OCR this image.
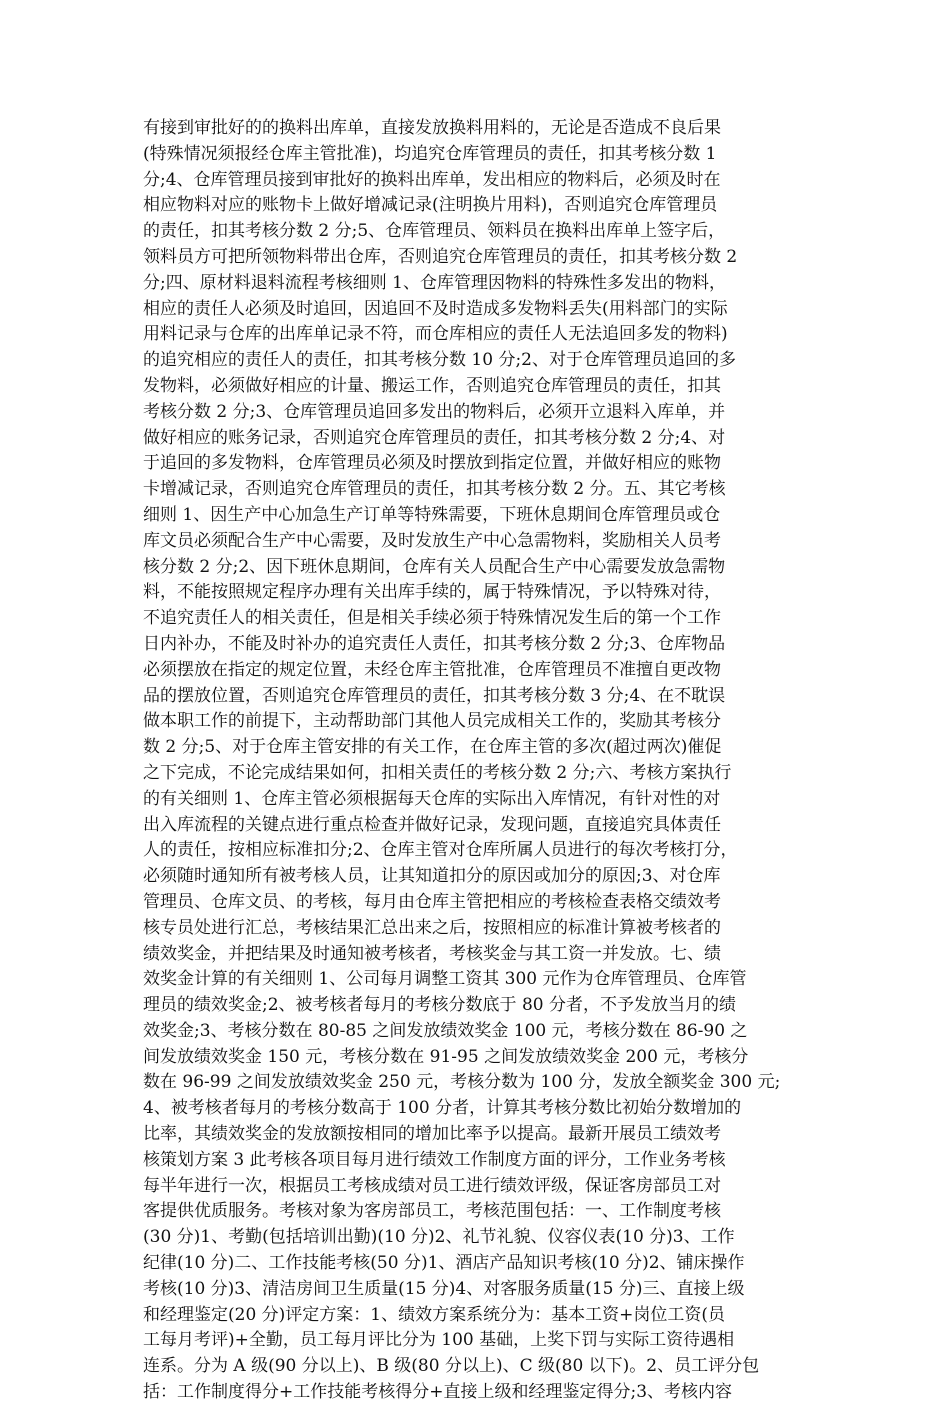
有接到审批好的的换料出库单，直接发放换料用料的，无论是否造成不良后果
(特殊情况须报经仓库主管批准)，均追究仓库管理员的责任，扣其考核分数 1
分;4、仓库管理员接到审批好的换料出库单，发出相应的物料后，必须及时在
相应物料对应的账物卡上做好增减记录(注明换片用料)，否则追究仓库管理员
的责任，扣其考核分数 2 分;5、仓库管理员、领料员在换料出库单上签字后，
领料员方可把所领物料带出仓库，否则追究仓库管理员的责任，扣其考核分数 2
分;四、原材料退料流程考核细则 1、仓库管理因物料的特殊性多发出的物料，
相应的责任人必须及时追回，因追回不及时造成多发物料丢失(用料部门的实际
用料记录与仓库的出库单记录不符，而仓库相应的责任人无法追回多发的物料)
的追究相应的责任人的责任，扣其考核分数 10 分;2、对于仓库管理员追回的多
发物料，必须做好相应的计量、搬运工作，否则追究仓库管理员的责任，扣其
考核分数 2 分;3、仓库管理员追回多发出的物料后，必须开立退料入库单，并
做好相应的账务记录，否则追究仓库管理员的责任，扣其考核分数 2 分;4、对
于追回的多发物料，仓库管理员必须及时摆放到指定位置，并做好相应的账物
卡增减记录，否则追究仓库管理员的责任，扣其考核分数 2 分。五、其它考核
细则 1、因生产中心加急生产订单等特殊需要，下班休息期间仓库管理员或仓
库文员必须配合生产中心需要，及时发放生产中心急需物料，奖励相关人员考
核分数 2 分;2、因下班休息期间，仓库有关人员配合生产中心需要发放急需物
料，不能按照规定程序办理有关出库手续的，属于特殊情况，予以特殊对待，
不追究责任人的相关责任，但是相关手续必须于特殊情况发生后的第一个工作
日内补办，不能及时补办的追究责任人责任，扣其考核分数 2 分;3、仓库物品
必须摆放在指定的规定位置，未经仓库主管批准，仓库管理员不准擅自更改物
品的摆放位置，否则追究仓库管理员的责任，扣其考核分数 3 分;4、在不耽误
做本职工作的前提下，主动帮助部门其他人员完成相关工作的，奖励其考核分
数 2 分;5、对于仓库主管安排的有关工作，在仓库主管的多次(超过两次)催促
之下完成，不论完成结果如何，扣相关责任的考核分数 2 分;六、考核方案执行
的有关细则 1、仓库主管必须根据每天仓库的实际出入库情况，有针对性的对
出入库流程的关键点进行重点检查并做好记录，发现问题，直接追究具体责任
人的责任，按相应标准扣分;2、仓库主管对仓库所属人员进行的每次考核打分，
必须随时通知所有被考核人员，让其知道扣分的原因或加分的原因;3、对仓库
管理员、仓库文员、的考核，每月由仓库主管把相应的考核检查表格交绩效考
核专员处进行汇总，考核结果汇总出来之后，按照相应的标准计算被考核者的
绩效奖金，并把结果及时通知被考核者，考核奖金与其工资一并发放。七、绩
效奖金计算的有关细则 1、公司每月调整工资其 300 元作为仓库管理员、仓库管
理员的绩效奖金;2、被考核者每月的考核分数底于 80 分者，不予发放当月的绩
效奖金;3、考核分数在 80-85 之间发放绩效奖金 100 元，考核分数在 86-90 之
间发放绩效奖金 150 元，考核分数在 91-95 之间发放绩效奖金 200 元，考核分
数在 96-99 之间发放绩效奖金 250 元，考核分数为 100 分，发放全额奖金 300 元;
4、被考核者每月的考核分数高于 100 分者，计算其考核分数比初始分数增加的
比率，其绩效奖金的发放额按相同的增加比率予以提高。最新开展员工绩效考
核策划方案 3 此考核各项目每月进行绩效工作制度方面的评分，工作业务考核
每半年进行一次，根据员工考核成绩对员工进行绩效评级，保证客房部员工对
客提供优质服务。考核对象为客房部员工，考核范围包括：一、工作制度考核
(30 分)1、考勤(包括培训出勤)(10 分)2、礼节礼貌、仪容仪表(10 分)3、工作
纪律(10 分)二、工作技能考核(50 分)1、酒店产品知识考核(10 分)2、铺床操作
考核(10 分)3、清洁房间卫生质量(15 分)4、对客服务质量(15 分)三、直接上级
和经理鉴定(20 分)评定方案：1、绩效方案系统分为：基本工资+岗位工资(员
工每月考评)+全勤，员工每月评比分为 100 基础，上奖下罚与实际工资待遇相
连系。分为 A 级(90 分以上)、B 级(80 分以上)、C 级(80 以下)。2、员工评分包
括：工作制度得分+工作技能考核得分+直接上级和经理鉴定得分;3、考核内容
